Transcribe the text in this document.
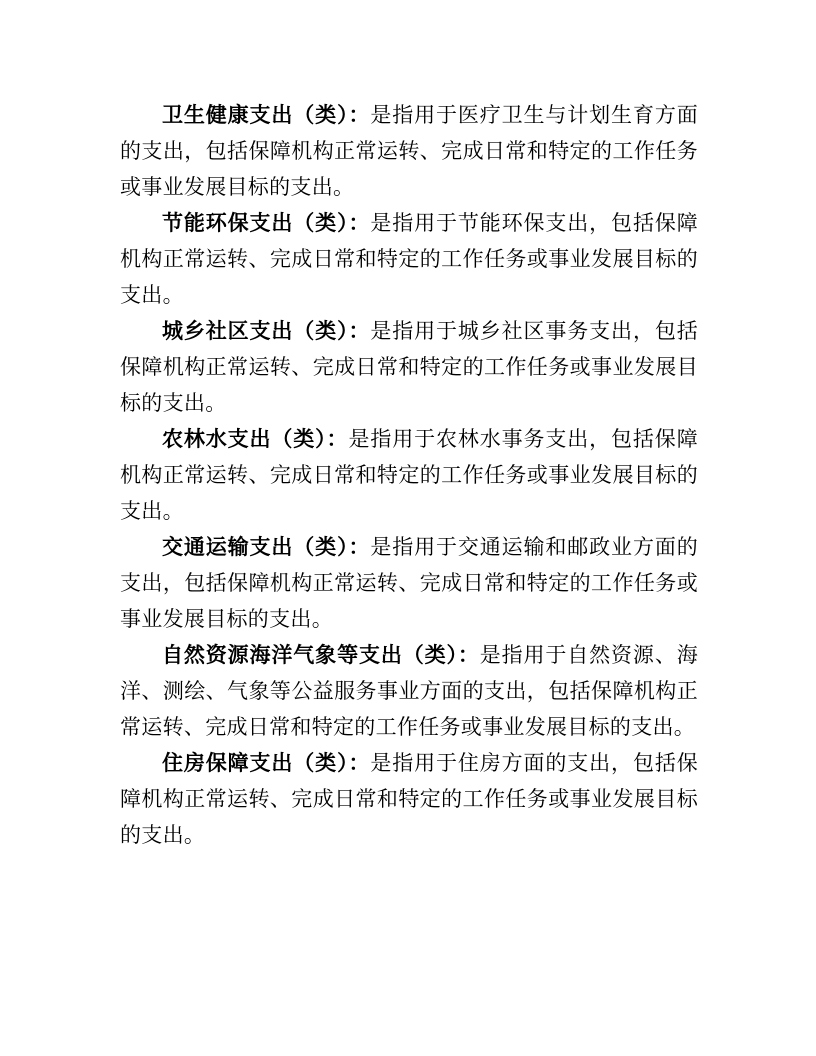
卫生健康支出（类）：是指用于医疗卫生与计划生育方面的支出，包括保障机构正常运转、完成日常和特定的工作任务或事业发展目标的支出。

节能环保支出（类）：是指用于节能环保支出，包括保障机构正常运转、完成日常和特定的工作任务或事业发展目标的支出。

城乡社区支出（类）：是指用于城乡社区事务支出，包括保障机构正常运转、完成日常和特定的工作任务或事业发展目标的支出。

农林水支出（类）：是指用于农林水事务支出，包括保障机构正常运转、完成日常和特定的工作任务或事业发展目标的支出。

交通运输支出（类）：是指用于交通运输和邮政业方面的支出，包括保障机构正常运转、完成日常和特定的工作任务或事业发展目标的支出。

自然资源海洋气象等支出（类）：是指用于自然资源、海洋、测绘、气象等公益服务事业方面的支出，包括保障机构正常运转、完成日常和特定的工作任务或事业发展目标的支出。

住房保障支出（类）：是指用于住房方面的支出，包括保障机构正常运转、完成日常和特定的工作任务或事业发展目标的支出。
